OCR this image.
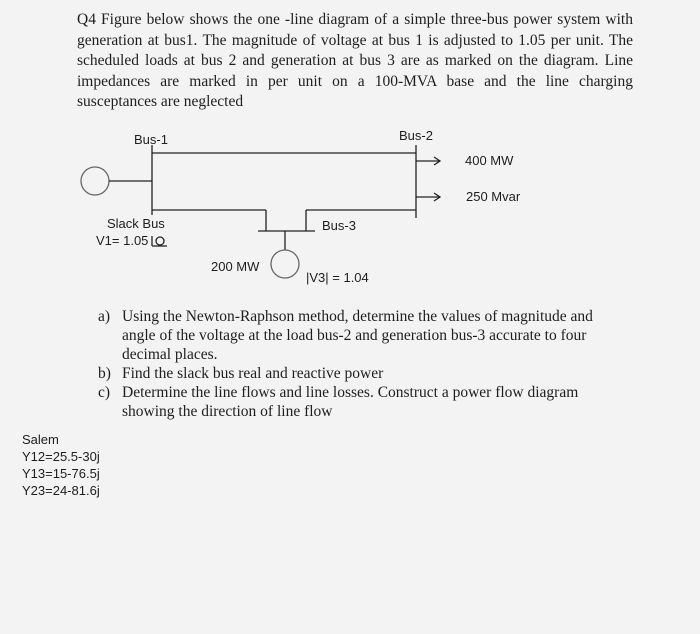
Q4 Figure below shows the one -line diagram of a simple three-bus power system with generation at bus1. The magnitude of voltage at bus 1 is adjusted to 1.05 per unit. The scheduled loads at bus 2 and generation at bus 3 are as marked on the diagram. Line impedances are marked in per unit on a 100-MVA base and the line charging susceptances are neglected
Bus-1	Bus-2
Bus-3
400 MW
250 Mvar
Slack Bus
V1= 1.05
200 MW
|V3| = 1.04
a) Using the Newton-Raphson method, determine the values of magnitude and angle of the voltage at the load bus-2 and generation bus-3 accurate to four decimal places.
b) Find the slack bus real and reactive power
c) Determine the line flows and line losses. Construct a power flow diagram showing the direction of line flow
Salem
Y12=25.5-30j
Y13=15-76.5j
Y23=24-81.6j
